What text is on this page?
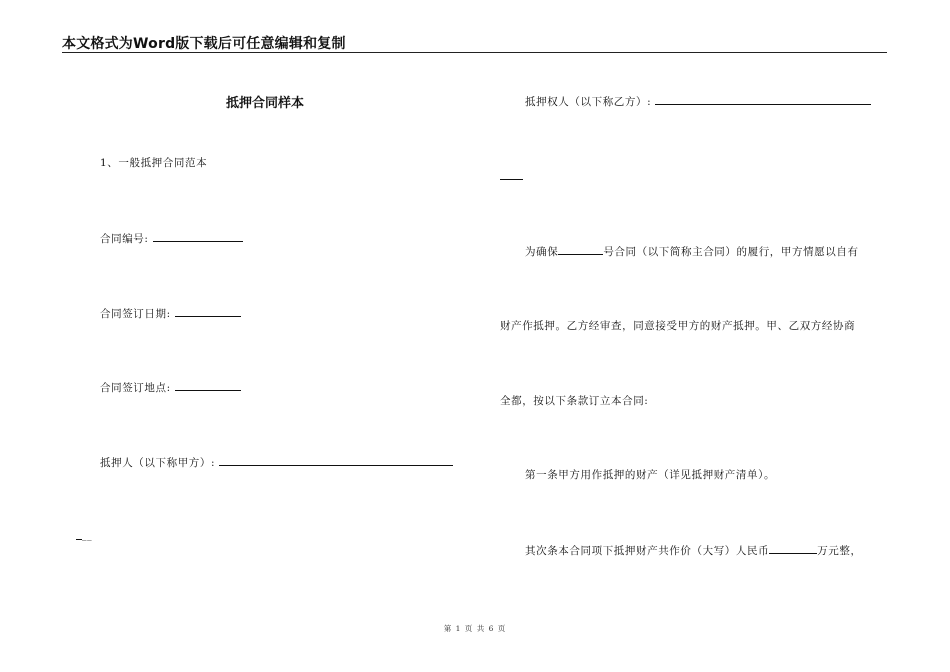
本文格式为Word版下载后可任意编辑和复制
抵押合同样本
1、一般抵押合同范本
合同编号:
合同签订日期:
合同签订地点:
抵押人（以下称甲方）:
__
抵押权人（以下称乙方）:
为确保	号合同（以下简称主合同）的履行，甲方情愿以自有
财产作抵押。乙方经审查，同意接受甲方的财产抵押。甲、乙双方经协商
全都，按以下条款订立本合同:
第一条甲方用作抵押的财产（详见抵押财产清单）。
其次条本合同项下抵押财产共作价（大写）人民币	万元整，
第 1 页 共 6 页
